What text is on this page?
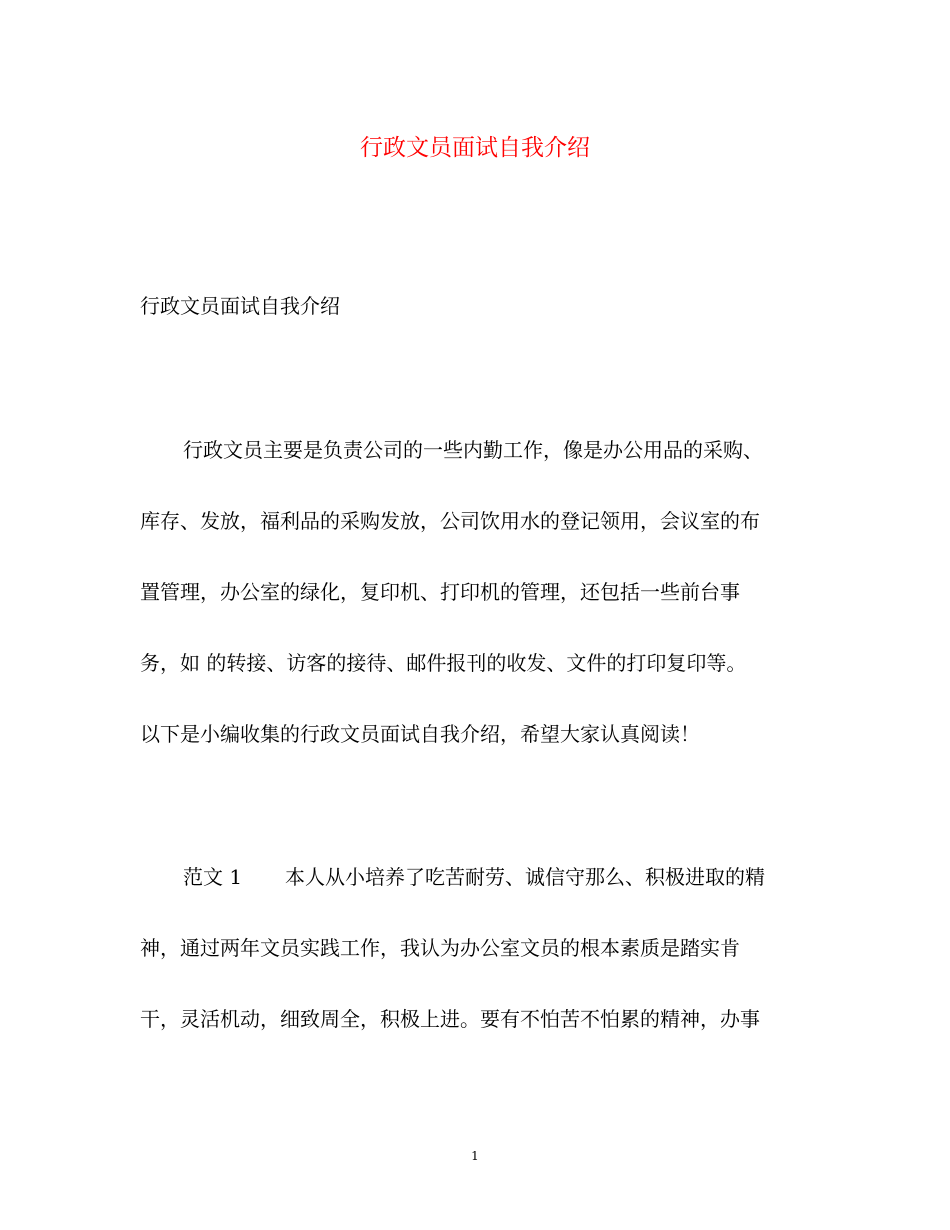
行政文员面试自我介绍
行政文员面试自我介绍
行政文员主要是负责公司的一些内勤工作，像是办公用品的采购、
库存、发放，福利品的采购发放，公司饮用水的登记领用，会议室的布
置管理，办公室的绿化，复印机、打印机的管理，还包括一些前台事
务，如 的转接、访客的接待、邮件报刊的收发、文件的打印复印等。
以下是小编收集的行政文员面试自我介绍，希望大家认真阅读！
范文 1 本人从小培养了吃苦耐劳、诚信守那么、积极进取的精
神，通过两年文员实践工作，我认为办公室文员的根本素质是踏实肯
干，灵活机动，细致周全，积极上进。要有不怕苦不怕累的精神，办事
1
